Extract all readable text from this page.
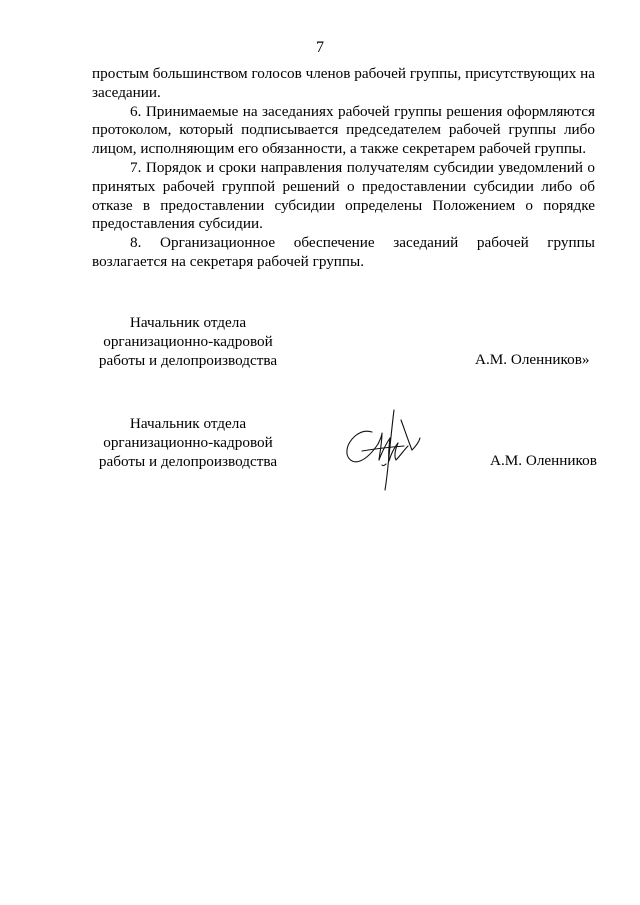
7

простым большинством голосов членов рабочей группы, присутствующих на заседании.

6. Принимаемые на заседаниях рабочей группы решения оформляются протоколом, который подписывается председателем рабочей группы либо лицом, исполняющим его обязанности, а также секретарем рабочей группы.

7. Порядок и сроки направления получателям субсидии уведомлений о принятых рабочей группой решений о предоставлении субсидии либо об отказе в предоставлении субсидии определены Положением о порядке предоставления субсидии.

8. Организационное обеспечение заседаний рабочей группы

возлагается на секретаря рабочей группы.

Начальник отдела
организационно-кадровой
работы и делопроизводства	А.М. Оленников»
Начальник отдела
организационно-кадровой
работы и делопроизводства	А.М. Оленников
